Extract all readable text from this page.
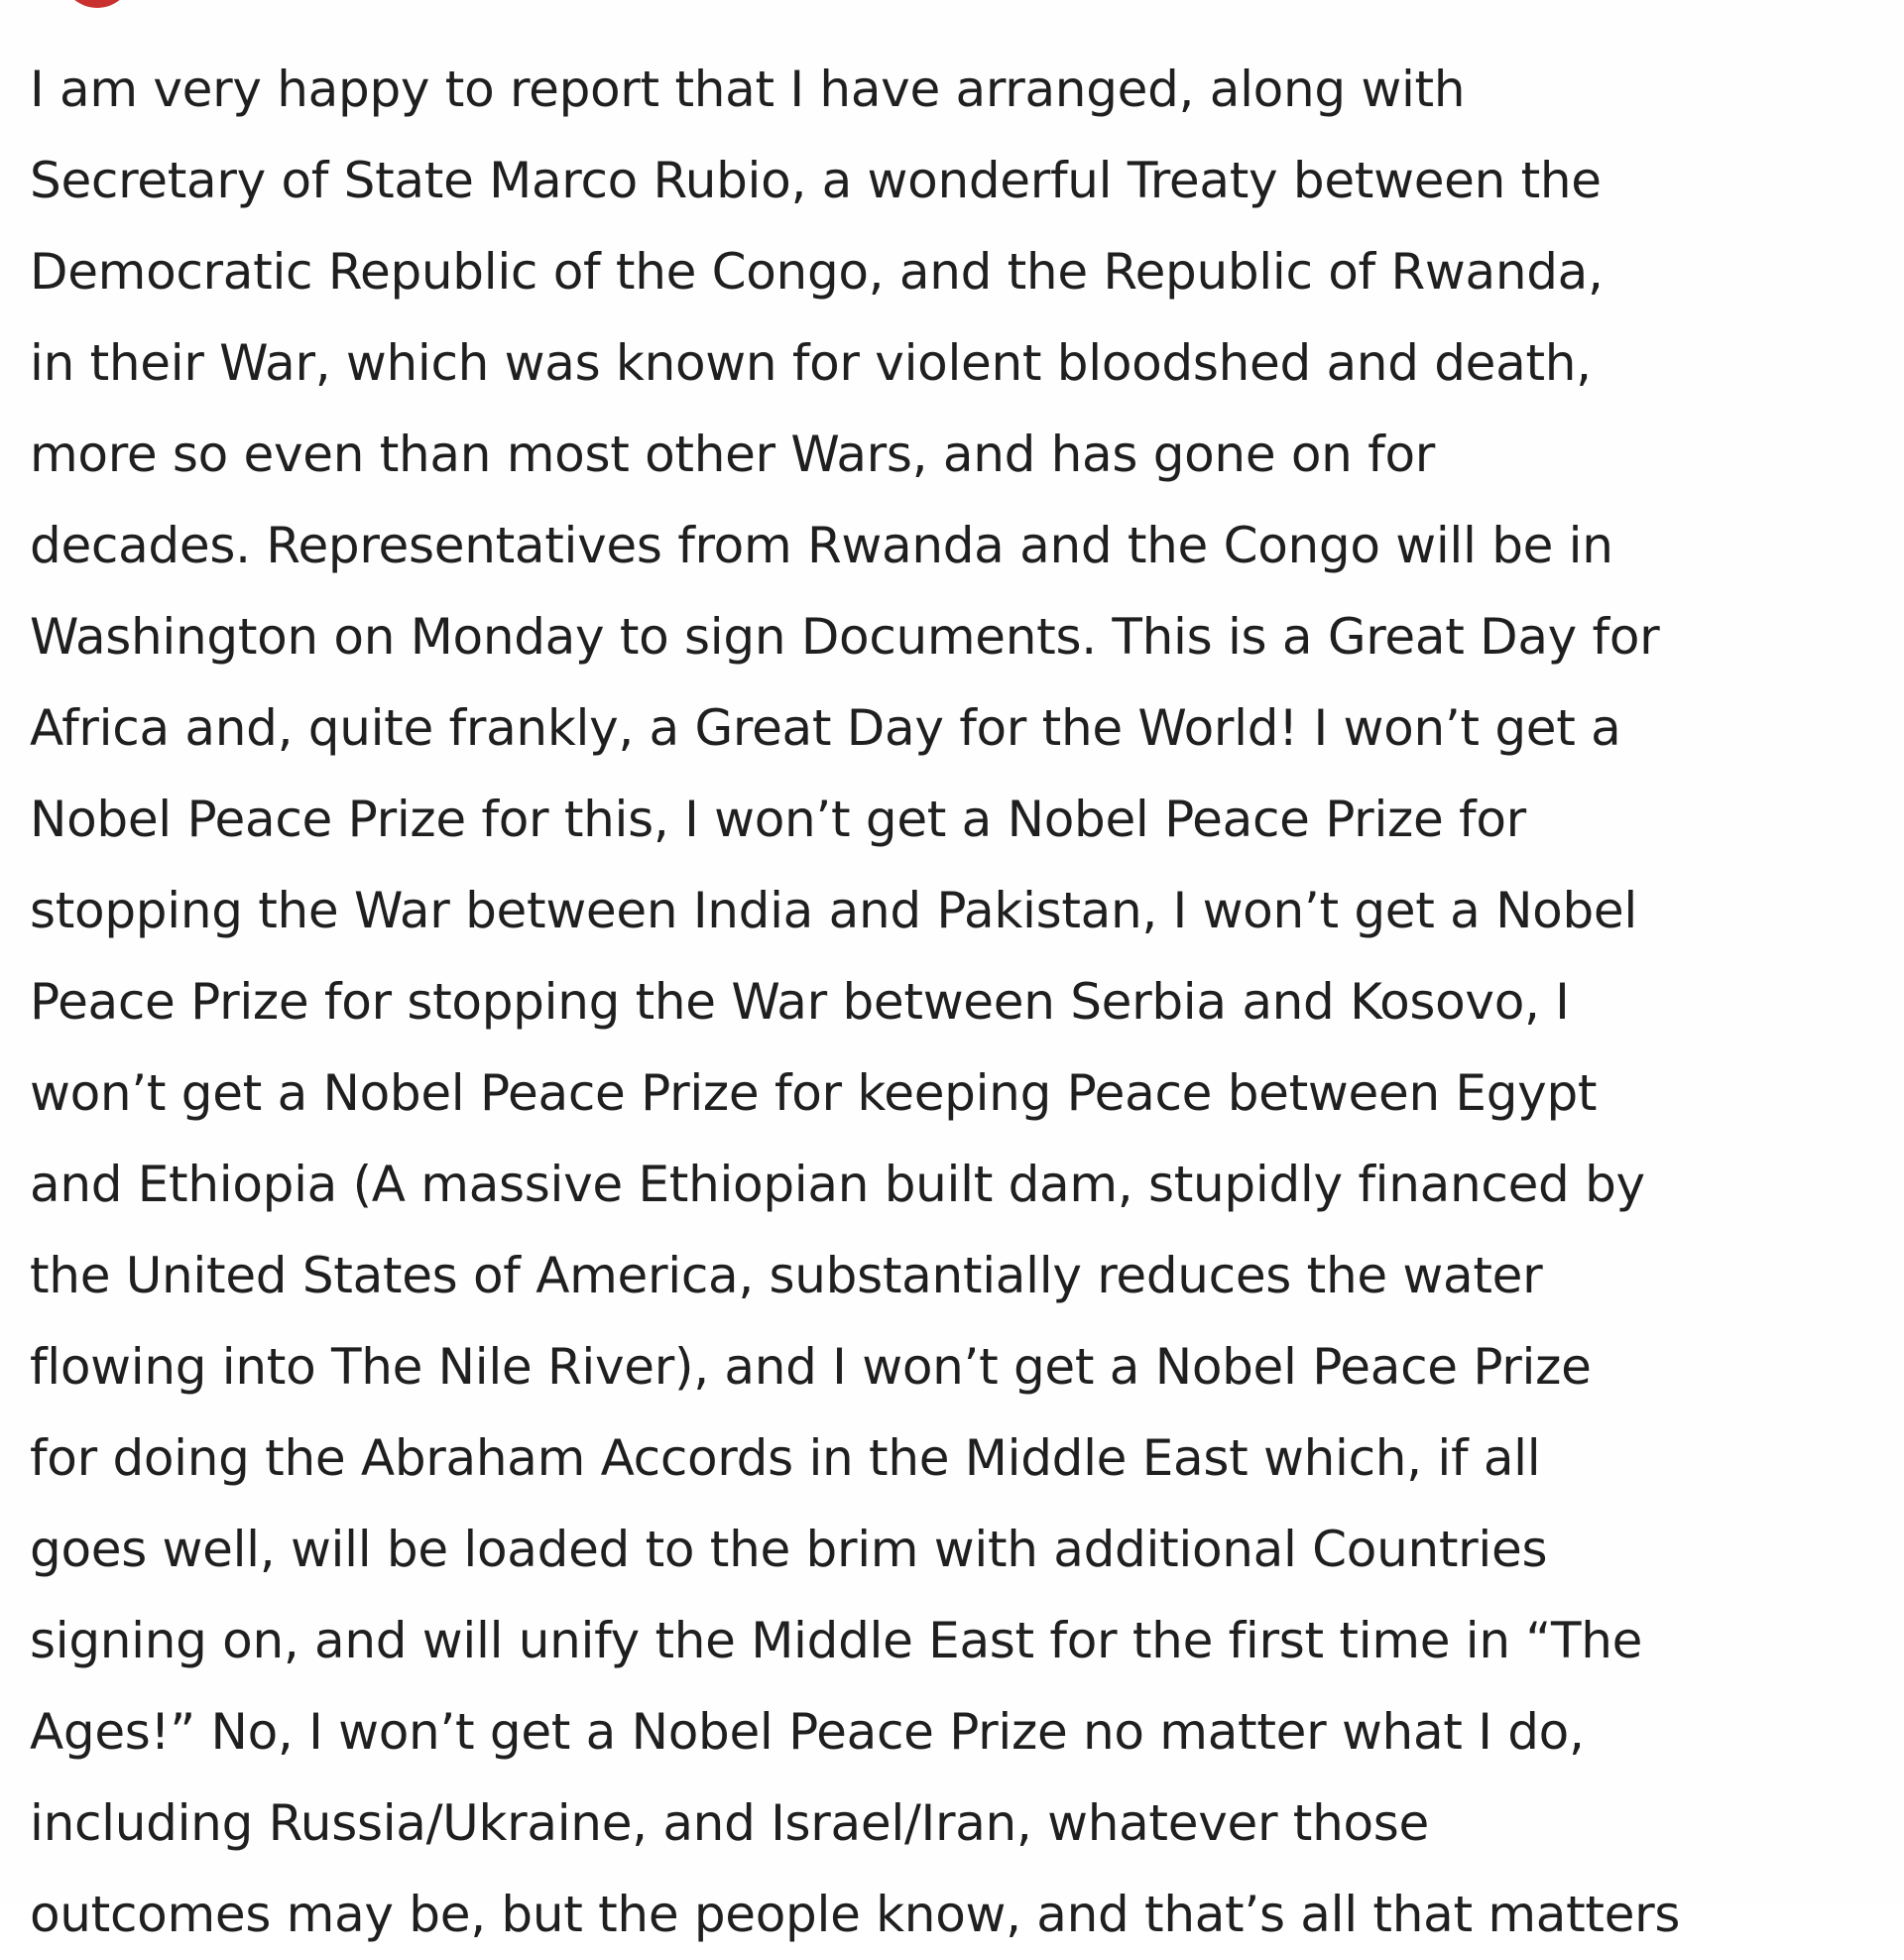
I am very happy to report that I have arranged, along with
Secretary of State Marco Rubio, a wonderful Treaty between the
Democratic Republic of the Congo, and the Republic of Rwanda,
in their War, which was known for violent bloodshed and death,
more so even than most other Wars, and has gone on for
decades. Representatives from Rwanda and the Congo will be in
Washington on Monday to sign Documents. This is a Great Day for
Africa and, quite frankly, a Great Day for the World! I won’t get a
Nobel Peace Prize for this, I won’t get a Nobel Peace Prize for
stopping the War between India and Pakistan, I won’t get a Nobel
Peace Prize for stopping the War between Serbia and Kosovo, I
won’t get a Nobel Peace Prize for keeping Peace between Egypt
and Ethiopia (A massive Ethiopian built dam, stupidly financed by
the United States of America, substantially reduces the water
flowing into The Nile River), and I won’t get a Nobel Peace Prize
for doing the Abraham Accords in the Middle East which, if all
goes well, will be loaded to the brim with additional Countries
signing on, and will unify the Middle East for the first time in “The
Ages!” No, I won’t get a Nobel Peace Prize no matter what I do,
including Russia/Ukraine, and Israel/Iran, whatever those
outcomes may be, but the people know, and that’s all that matters
